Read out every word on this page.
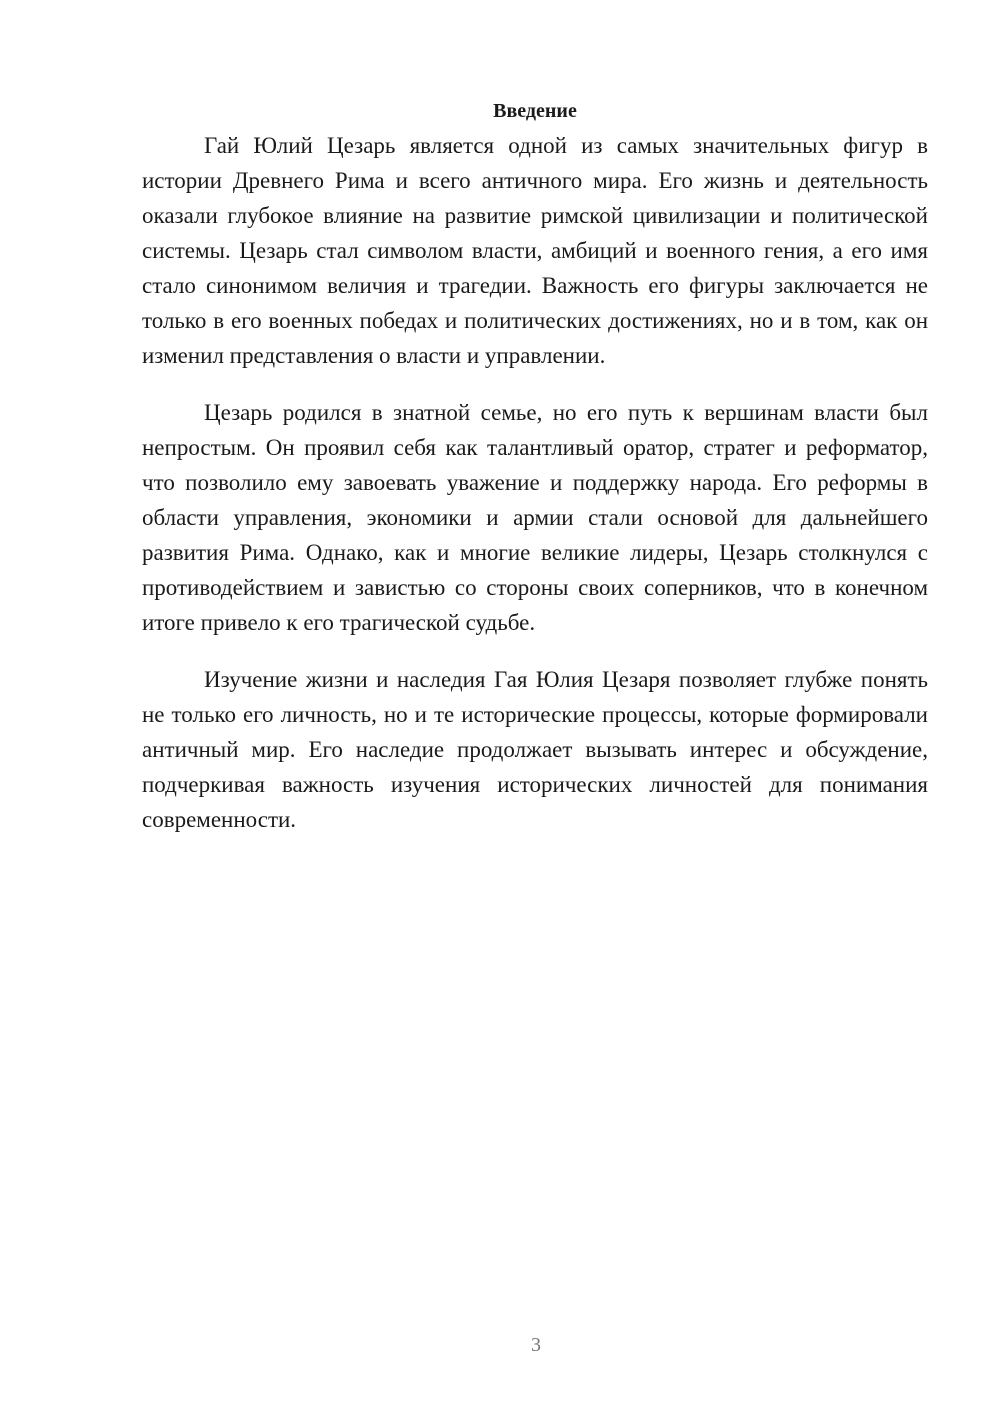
Введение

Гай Юлий Цезарь является одной из самых значительных фигур в истории Древнего Рима и всего античного мира. Его жизнь и деятельность оказали глубокое влияние на развитие римской цивилизации и политической системы. Цезарь стал символом власти, амбиций и военного гения, а его имя стало синонимом величия и трагедии. Важность его фигуры заключается не только в его военных победах и политических достижениях, но и в том, как он изменил представления о власти и управлении.

Цезарь родился в знатной семье, но его путь к вершинам власти был непростым. Он проявил себя как талантливый оратор, стратег и реформатор, что позволило ему завоевать уважение и поддержку народа. Его реформы в области управления, экономики и армии стали основой для дальнейшего развития Рима. Однако, как и многие великие лидеры, Цезарь столкнулся с противодействием и завистью со стороны своих соперников, что в конечном итоге привело к его трагической судьбе.

Изучение жизни и наследия Гая Юлия Цезаря позволяет глубже понять не только его личность, но и те исторические процессы, которые формировали античный мир. Его наследие продолжает вызывать интерес и обсуждение, подчеркивая важность изучения исторических личностей для понимания современности.

3
